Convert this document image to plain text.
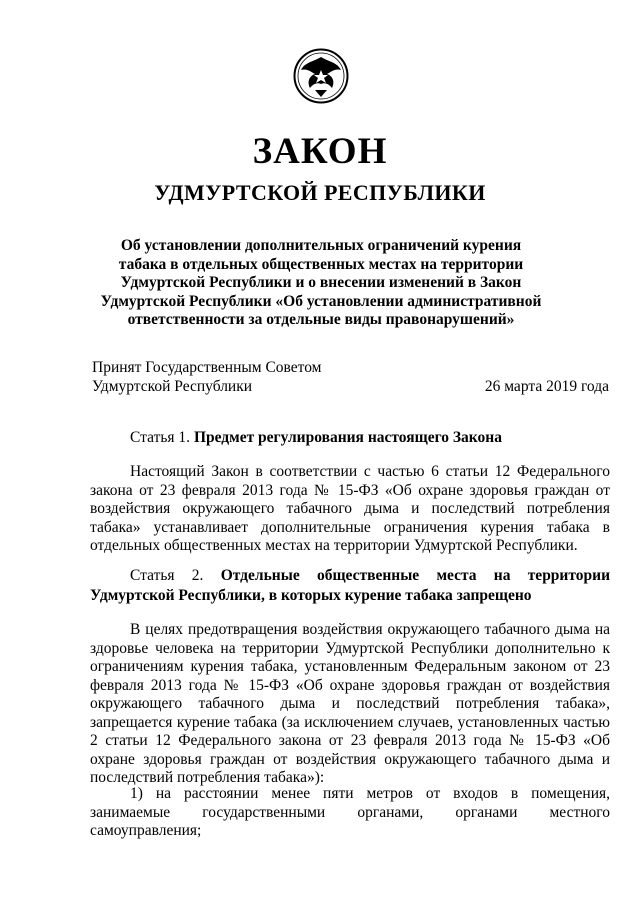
ЗАКОН
УДМУРТСКОЙ РЕСПУБЛИКИ
Об установлении дополнительных ограничений курения табака в отдельных общественных местах на территории Удмуртской Республики и о внесении изменений в Закон Удмуртской Республики «Об установлении административной ответственности за отдельные виды правонарушений»
Принят Государственным Советом Удмуртской Республики	26 марта 2019 года
Статья 1. Предмет регулирования настоящего Закона
Настоящий Закон в соответствии с частью 6 статьи 12 Федерального закона от 23 февраля 2013 года № 15-ФЗ «Об охране здоровья граждан от воздействия окружающего табачного дыма и последствий потребления табака» устанавливает дополнительные ограничения курения табака в отдельных общественных местах на территории Удмуртской Республики.
Статья 2. Отдельные общественные места на территории Удмуртской Республики, в которых курение табака запрещено
В целях предотвращения воздействия окружающего табачного дыма на здоровье человека на территории Удмуртской Республики дополнительно к ограничениям курения табака, установленным Федеральным законом от 23 февраля 2013 года № 15-ФЗ «Об охране здоровья граждан от воздействия окружающего табачного дыма и последствий потребления табака», запрещается курение табака (за исключением случаев, установленных частью 2 статьи 12 Федерального закона от 23 февраля 2013 года № 15-ФЗ «Об охране здоровья граждан от воздействия окружающего табачного дыма и последствий потребления табака»):
1) на расстоянии менее пяти метров от входов в помещения, занимаемые государственными органами, органами местного самоуправления;
